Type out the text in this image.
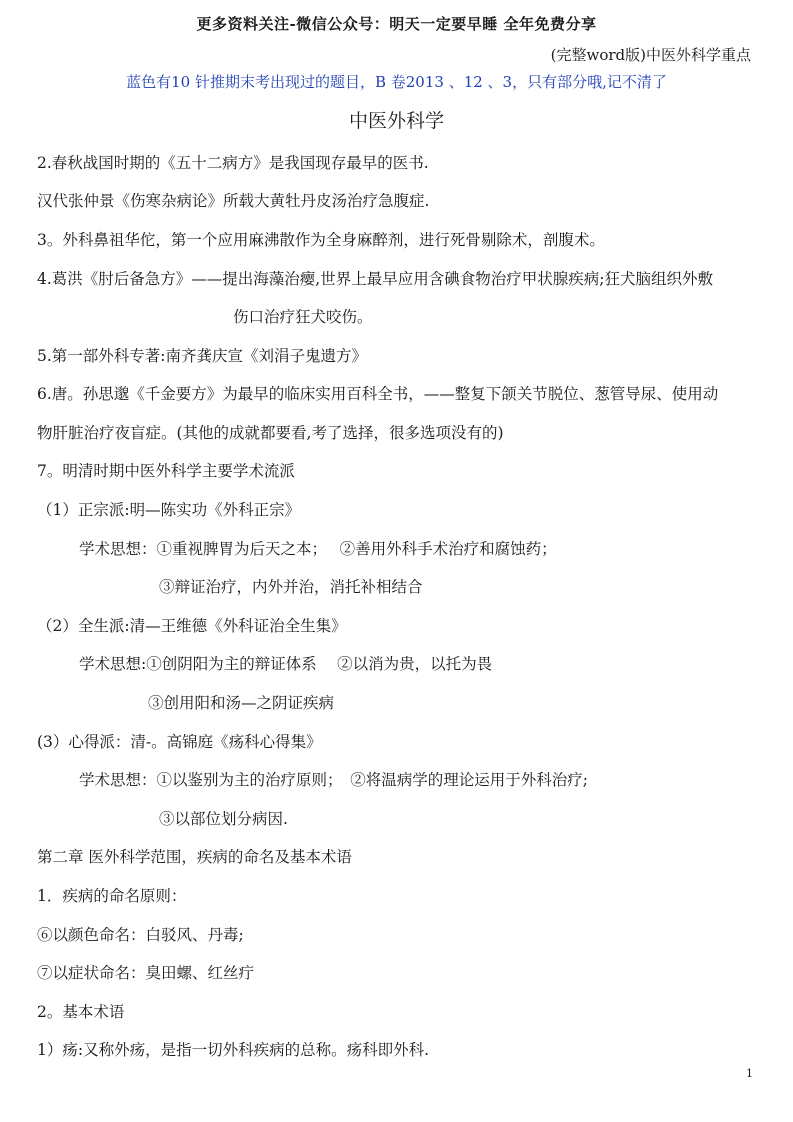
更多资料关注-微信公众号：明天一定要早睡 全年免费分享
(完整word版)中医外科学重点
蓝色有10 针推期末考出现过的题目，B 卷2013 、12 、3，只有部分哦,记不清了
中医外科学
2.春秋战国时期的《五十二病方》是我国现存最早的医书.
汉代张仲景《伤寒杂病论》所载大黄牡丹皮汤治疗急腹症.
3。外科鼻祖华佗，第一个应用麻沸散作为全身麻醉剂，进行死骨剔除术，剖腹术。
4.葛洪《肘后备急方》——提出海藻治瘿,世界上最早应用含碘食物治疗甲状腺疾病;狂犬脑组织外敷
伤口治疗狂犬咬伤。
5.第一部外科专著:南齐龚庆宣《刘涓子鬼遗方》
6.唐。孙思邈《千金要方》为最早的临床实用百科全书，——整复下颌关节脱位、葱管导尿、使用动
物肝脏治疗夜盲症。(其他的成就都要看,考了选择，很多选项没有的)
7。明清时期中医外科学主要学术流派
（1）正宗派:明—陈实功《外科正宗》
学术思想：①重视脾胃为后天之本；　 ②善用外科手术治疗和腐蚀药；
③辩证治疗，内外并治，消托补相结合
（2）全生派:清—王维德《外科证治全生集》
学术思想:①创阴阳为主的辩证体系　 ②以消为贵，以托为畏
③创用阳和汤—之阴证疾病
(3）心得派：清-。高锦庭《疡科心得集》
学术思想：①以鉴别为主的治疗原则；　②将温病学的理论运用于外科治疗;
③以部位划分病因.
第二章 医外科学范围，疾病的命名及基本术语
1．疾病的命名原则：
⑥以颜色命名：白驳风、丹毒;
⑦以症状命名：臭田螺、红丝疔
2。基本术语
1）疡:又称外疡，是指一切外科疾病的总称。疡科即外科.
1
